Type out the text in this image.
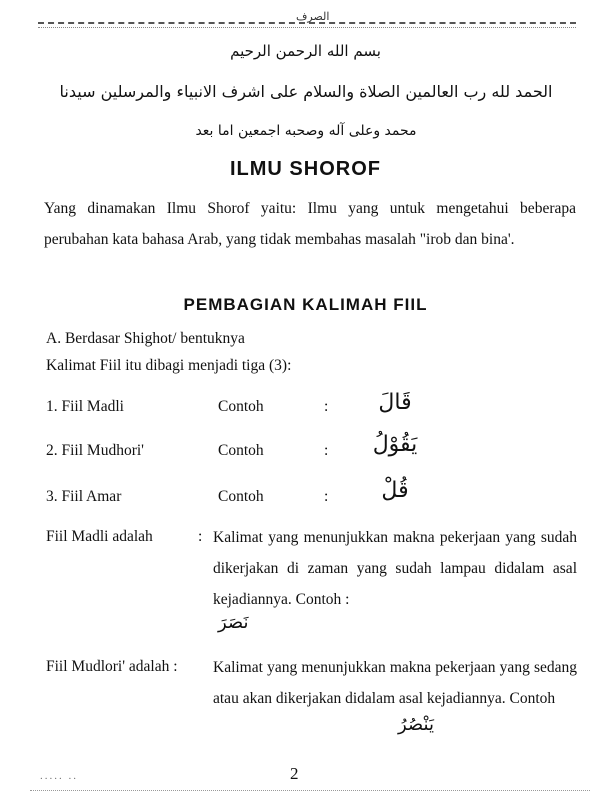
الصرف
بسم الله الرحمن الرحيم
الحمد لله رب العالمين الصلاة والسلام على اشرف الانبياء والمرسلين سيدنا
محمد وعلى آله وصحبه اجمعين اما بعد
ILMU SHOROF
Yang dinamakan Ilmu Shorof yaitu: Ilmu yang untuk mengetahui beberapa perubahan kata bahasa Arab, yang tidak membahas masalah "irob dan bina'.
PEMBAGIAN KALIMAH FIIL
A. Berdasar Shighot/ bentuknya
Kalimat Fiil itu dibagi menjadi tiga (3):
1. Fiil Madli	Contoh	:	قَالَ
2. Fiil Mudhori'	Contoh	: يَقُوْلُ
3. Fiil Amar	Contoh	:	قُلْ
Fiil Madli adalah	: Kalimat yang menunjukkan makna pekerjaan yang sudah dikerjakan di zaman yang sudah lampau didalam asal kejadiannya. Contoh :
نَصَرَ
Fiil Mudlori' adalah : Kalimat yang menunjukkan makna pekerjaan yang sedang atau akan dikerjakan didalam asal kejadiannya. Contoh
يَنْصُرُ
..... ..	2
